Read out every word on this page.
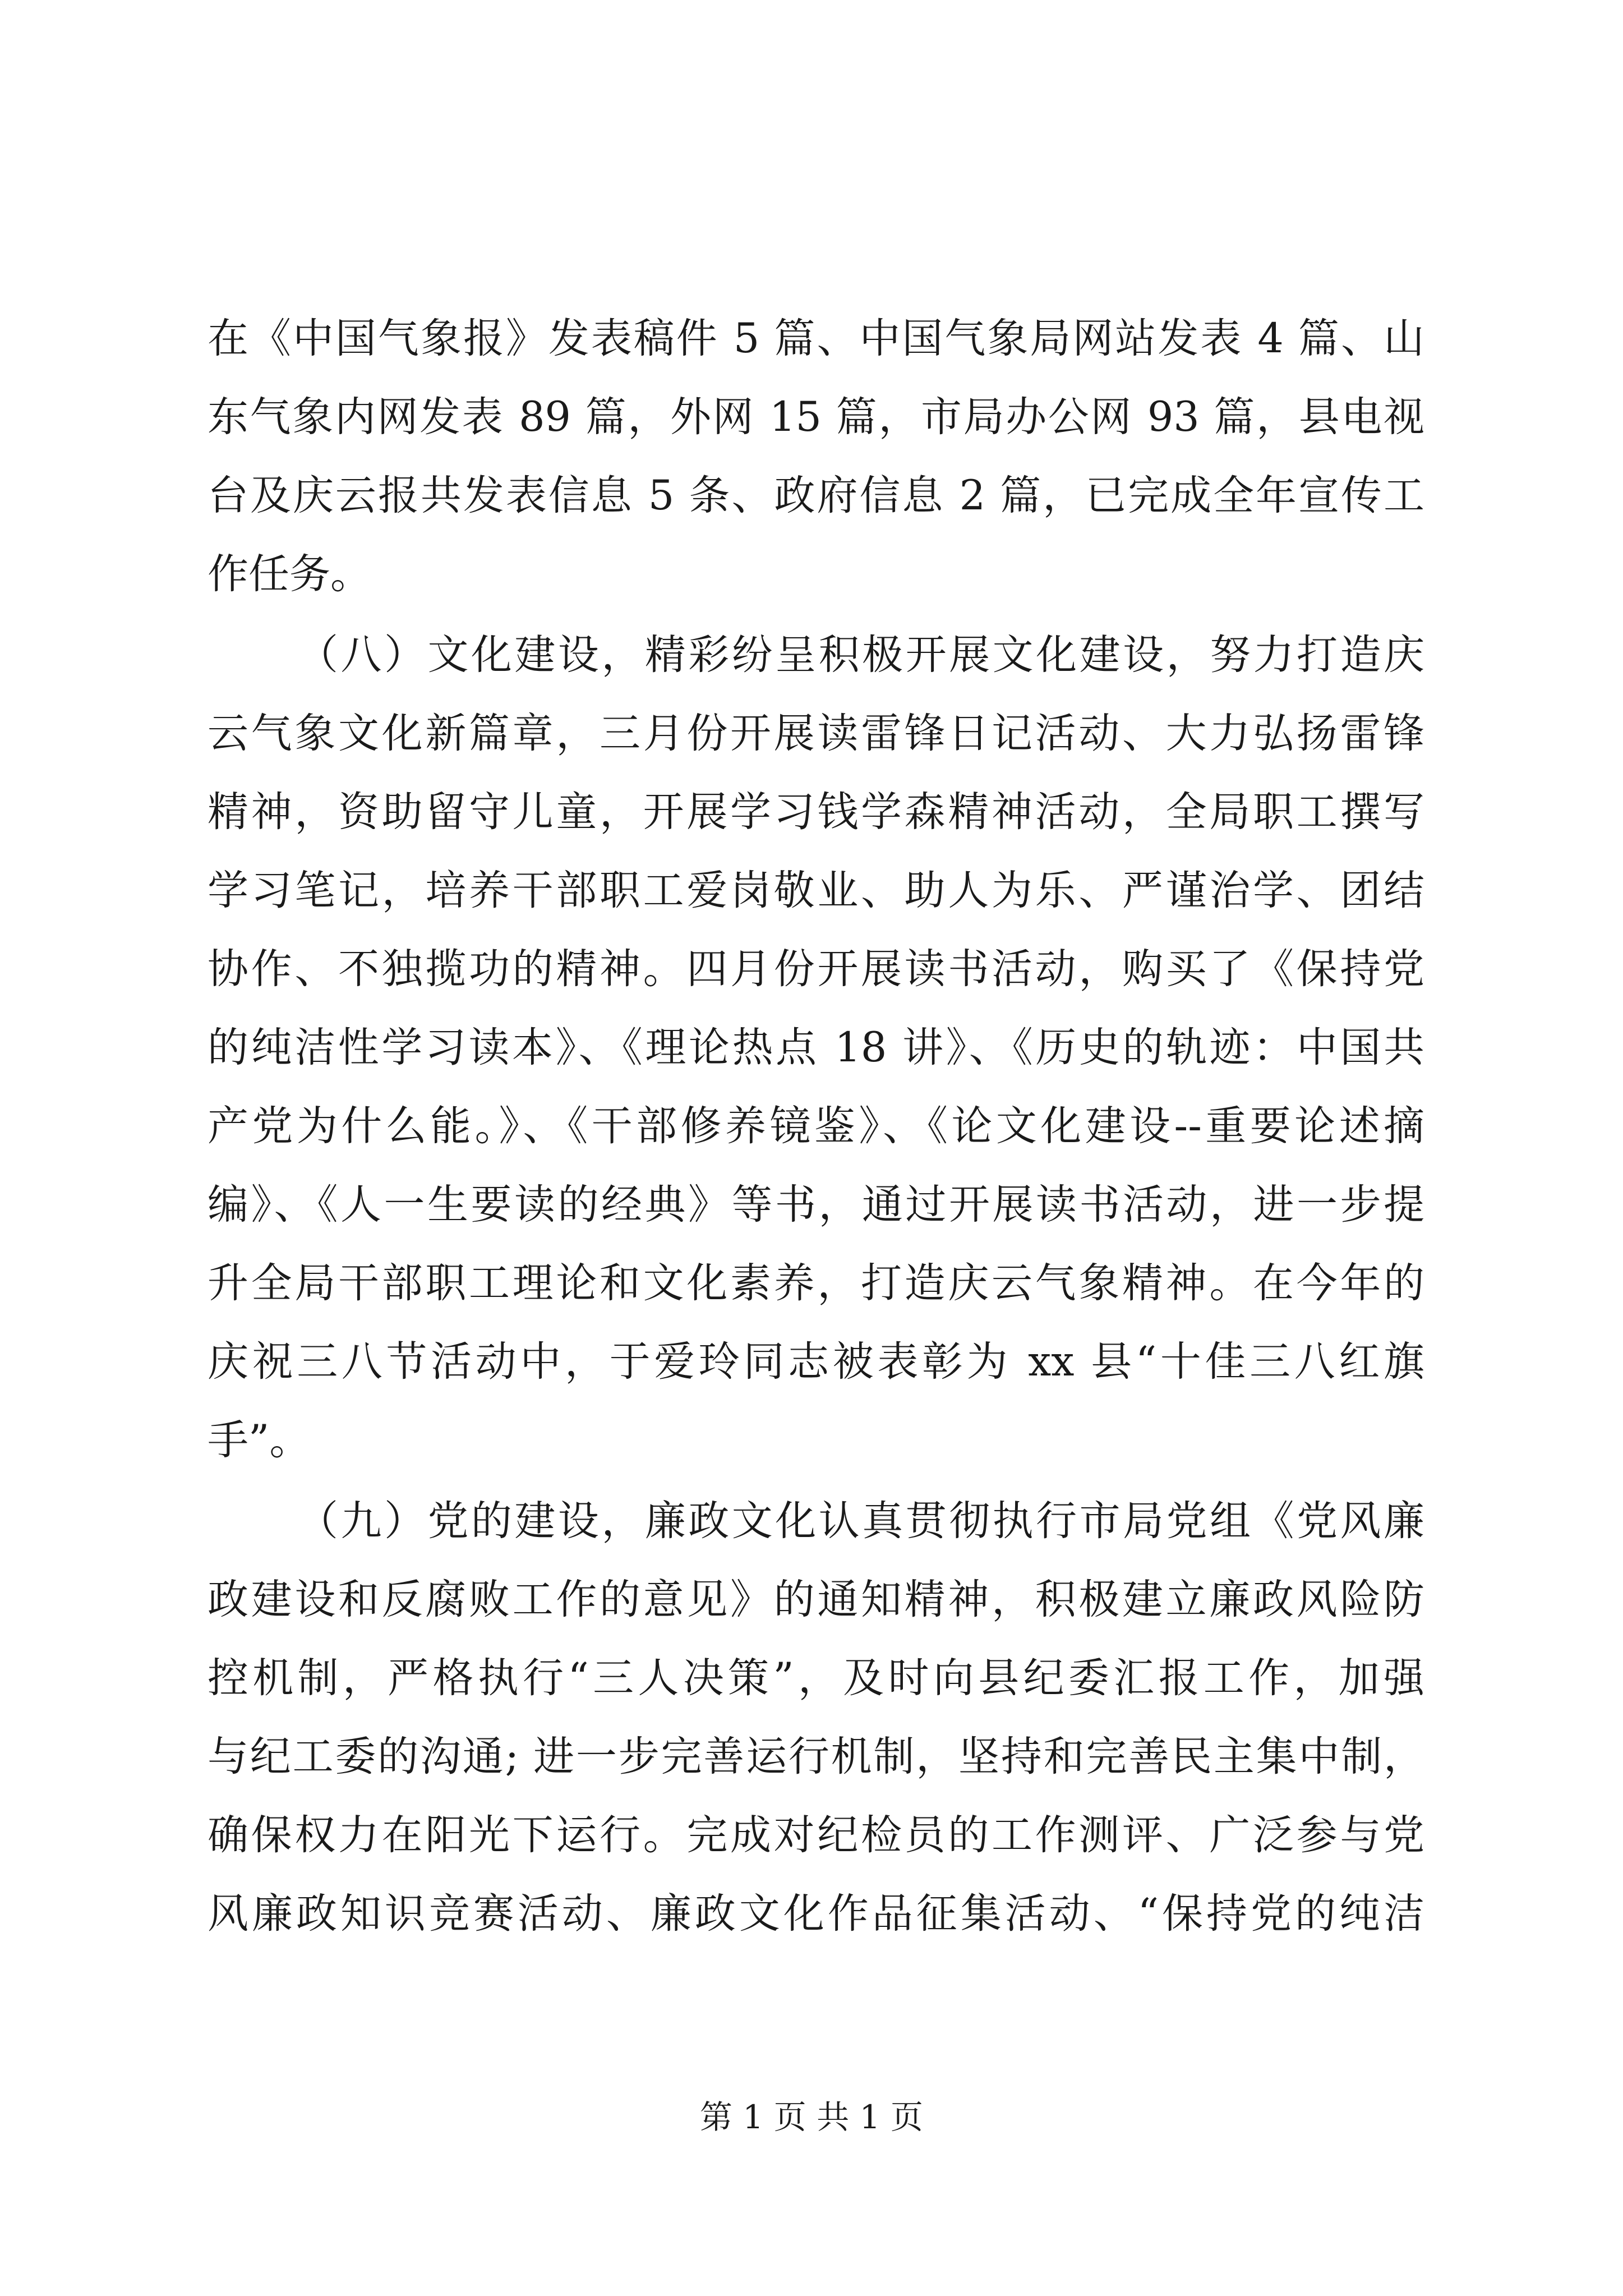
在《中国气象报》发表稿件 5 篇、中国气象局网站发表 4 篇、山
东气象内网发表 89 篇，外网 15 篇，市局办公网 93 篇，县电视
台及庆云报共发表信息 5 条、政府信息 2 篇，已完成全年宣传工
作任务。
（八）文化建设，精彩纷呈积极开展文化建设，努力打造庆
云气象文化新篇章，三月份开展读雷锋日记活动、大力弘扬雷锋
精神，资助留守儿童，开展学习钱学森精神活动，全局职工撰写
学习笔记，培养干部职工爱岗敬业、助人为乐、严谨治学、团结
协作、不独揽功的精神。四月份开展读书活动，购买了《保持党
的纯洁性学习读本》、《理论热点 18 讲》、《历史的轨迹：中国共
产党为什么能。》、《干部修养镜鉴》、《论文化建设--重要论述摘
编》、《人一生要读的经典》等书，通过开展读书活动，进一步提
升全局干部职工理论和文化素养，打造庆云气象精神。在今年的
庆祝三八节活动中，于爱玲同志被表彰为 xx 县“十佳三八红旗
手”。
（九）党的建设，廉政文化认真贯彻执行市局党组《党风廉
政建设和反腐败工作的意见》的通知精神，积极建立廉政风险防
控机制，严格执行“三人决策”，及时向县纪委汇报工作，加强
与纪工委的沟通; 进一步完善运行机制，坚持和完善民主集中制，
确保权力在阳光下运行。完成对纪检员的工作测评、广泛参与党
风廉政知识竞赛活动、廉政文化作品征集活动、“保持党的纯洁
第 1 页 共 1 页
